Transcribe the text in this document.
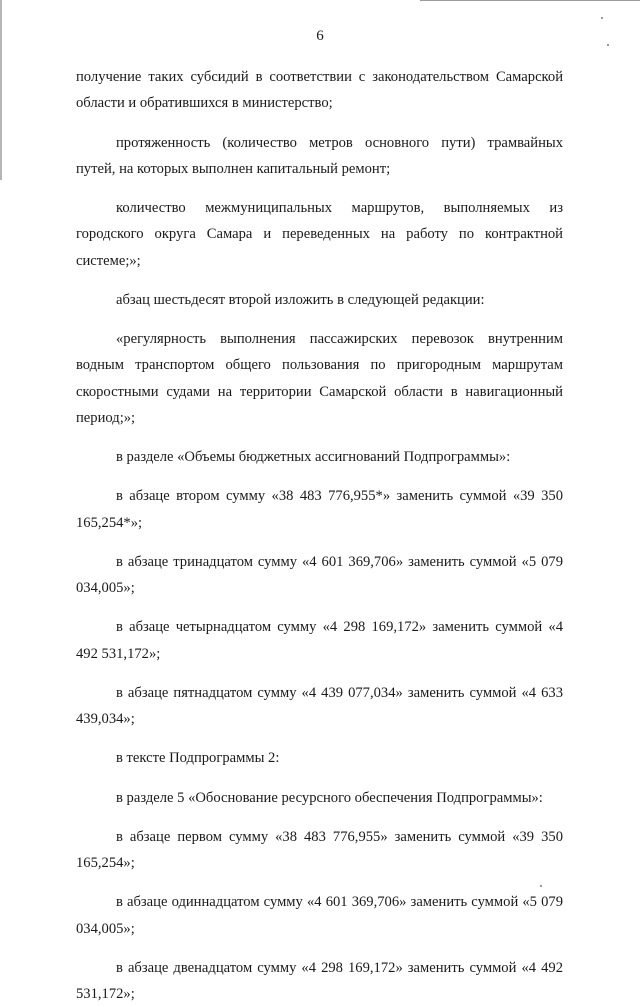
6

получение таких субсидий в соответствии с законодательством Самарской области и обратившихся в министерство;

протяженность (количество метров основного пути) трамвайных путей, на которых выполнен капитальный ремонт;

количество межмуниципальных маршрутов, выполняемых из городского округа Самара и переведенных на работу по контрактной системе;»;

абзац шестьдесят второй изложить в следующей редакции:

«регулярность выполнения пассажирских перевозок внутренним водным транспортом общего пользования по пригородным маршрутам скоростными судами на территории Самарской области в навигационный период;»;

в разделе «Объемы бюджетных ассигнований Подпрограммы»:

в абзаце втором сумму «38 483 776,955*» заменить суммой «39 350 165,254*»;

в абзаце тринадцатом сумму «4 601 369,706» заменить суммой «5 079 034,005»;

в абзаце четырнадцатом сумму «4 298 169,172» заменить суммой «4 492 531,172»;

в абзаце пятнадцатом сумму «4 439 077,034» заменить суммой «4 633 439,034»;

в тексте Подпрограммы 2:

в разделе 5 «Обоснование ресурсного обеспечения Подпрограммы»:

в абзаце первом сумму «38 483 776,955» заменить суммой «39 350 165,254»;

в абзаце одиннадцатом сумму «4 601 369,706» заменить суммой «5 079 034,005»;

в абзаце двенадцатом сумму «4 298 169,172» заменить суммой «4 492 531,172»;
